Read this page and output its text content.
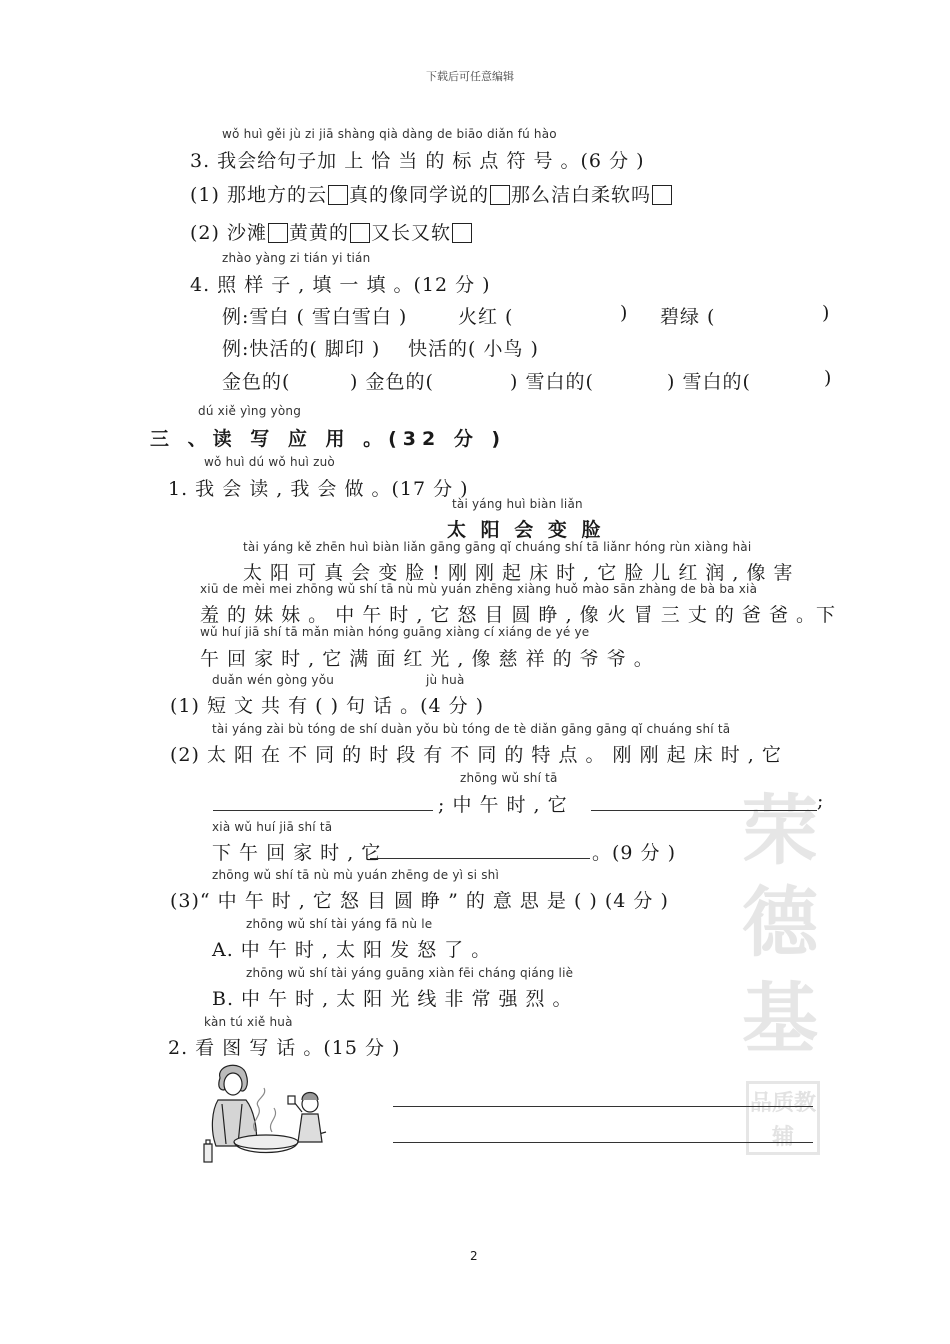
下载后可任意编辑
荣
德
基
品 质 教
辅
wǒ huì gěi jù zi jiā shàng qià dàng de biāo diǎn fú hào
3. 我会给句子加 上 恰 当 的 标 点 符 号 。(6 分 )
(1) 那地方的云 真的像同学说的 那么洁白柔软吗
(2) 沙滩 黄黄的 又长又软
zhào yàng zi tián yi tián
4. 照 样 子 , 填 一 填 。(12 分 )
例:雪白 ( 雪白雪白 )	火红 (	) 碧绿 (	)
例:快活的( 脚印 ) 快活的( 小鸟 )
金色的(	) 金色的(	) 雪白的(	) 雪白的(	)
dú xiě yìng yòng
三 、读 写 应 用 。(32 分 )
wǒ huì dú wǒ huì zuò
1. 我 会 读 , 我 会 做 。(17 分 )
tài yáng huì biàn liǎn
太 阳 会 变 脸
tài yáng kě zhēn huì biàn liǎn gāng gāng qǐ chuáng shí tā liǎnr hóng rùn xiàng hài
太 阳 可 真 会 变 脸 ! 刚 刚 起 床 时 , 它 脸 儿 红 润 , 像 害
xiū de mèi mei zhōng wǔ shí tā nù mù yuán zhēng xiàng huǒ mào sān zhàng de bà ba xià
羞 的 妹 妹 。 中 午 时 , 它 怒 目 圆 睁 , 像 火 冒 三 丈 的 爸 爸 。下
wǔ huí jiā shí tā mǎn miàn hóng guāng xiàng cí xiáng de yé ye
午 回 家 时 , 它 满 面 红 光 , 像 慈 祥 的 爷 爷 。
duǎn wén gòng yǒu	jù huà
(1) 短 文 共 有 ( ) 句 话 。(4 分 )
tài yáng zài bù tóng de shí duàn yǒu bù tóng de tè diǎn gāng gāng qǐ chuáng shí tā
(2) 太 阳 在 不 同 的 时 段 有 不 同 的 特 点 。 刚 刚 起 床 时 , 它
zhōng wǔ shí tā
; 中 午 时 , 它	;
xià wǔ huí jiā shí tā
下 午 回 家 时 , 它	。(9 分 )
zhōng wǔ shí tā nù mù yuán zhēng de yì si shì
(3)“ 中 午 时 , 它 怒 目 圆 睁 ” 的 意 思 是 ( ) (4 分 )
zhōng wǔ shí tài yáng fā nù le
A. 中 午 时 , 太 阳 发 怒 了 。
zhōng wǔ shí tài yáng guāng xiàn fēi cháng qiáng liè
B. 中 午 时 , 太 阳 光 线 非 常 强 烈 。
kàn tú xiě huà
2. 看 图 写 话 。(15 分 )
2
